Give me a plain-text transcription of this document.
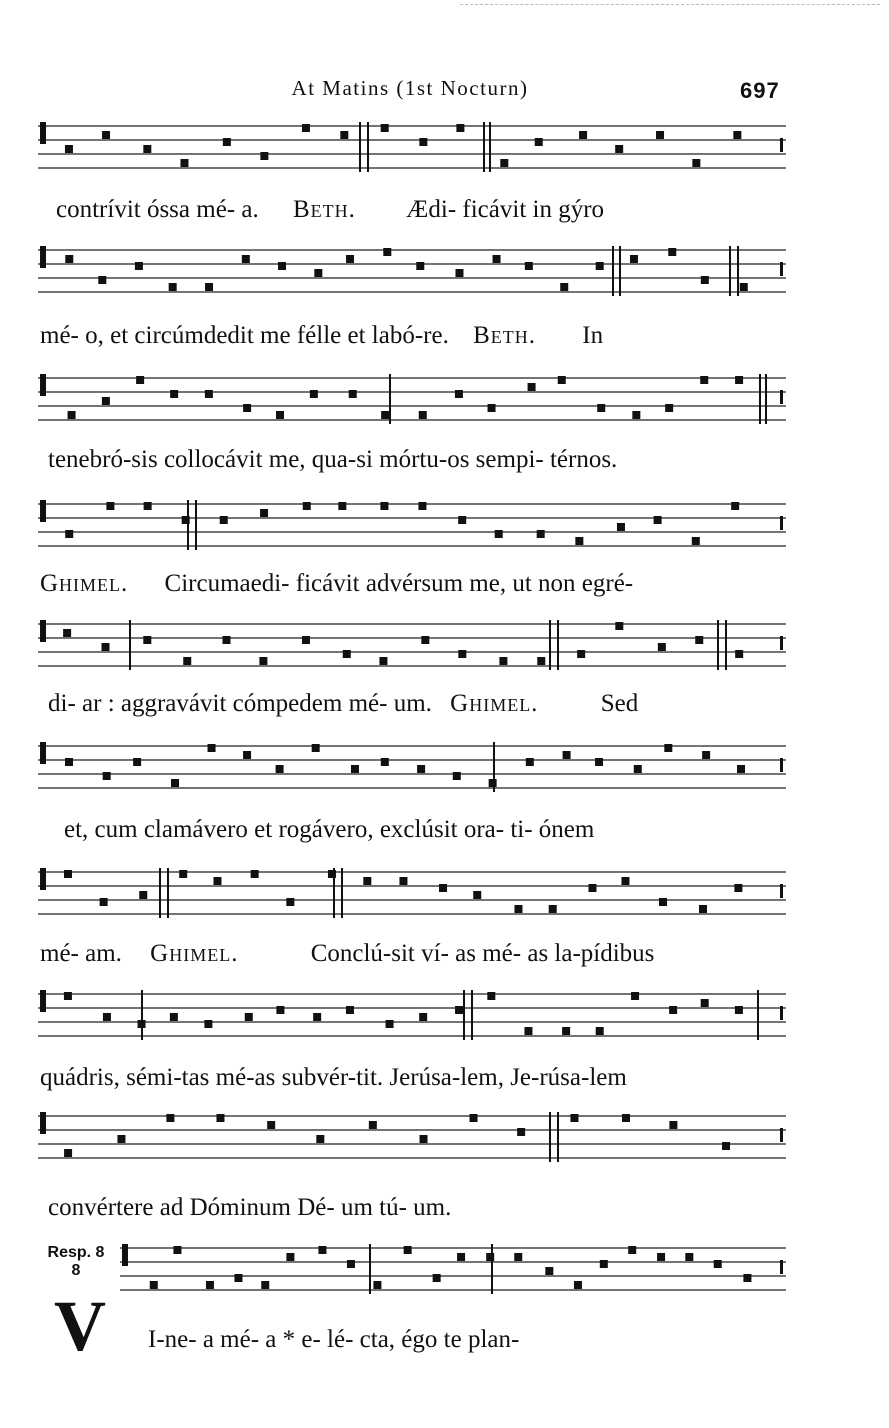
At Matins (1st Nocturn)	697
contrívit óssa mé- a. Beth. Ædi- ficávit in gýro
mé- o, et circúmdedit me félle et labó-re. Beth. In
tenebró-sis collocávit me, qua-si mórtu-os sempi- térnos.
Ghimel. Circumaedi- ficávit advérsum me, ut non egré-
di- ar : aggravávit cómpedem mé- um. Ghimel. Sed
et, cum clamávero et rogávero, exclúsit ora- ti- ónem
mé- am. Ghimel.	Conclú-sit ví- as mé- as la-pídibus
quádris, sémi-tas mé-as subvér-tit. Jerúsa-lem, Je-rúsa-lem
convértere ad Dóminum Dé- um tú- um.
Resp. 8
8
V I-ne- a mé- a * e- lé- cta, égo te plan-
